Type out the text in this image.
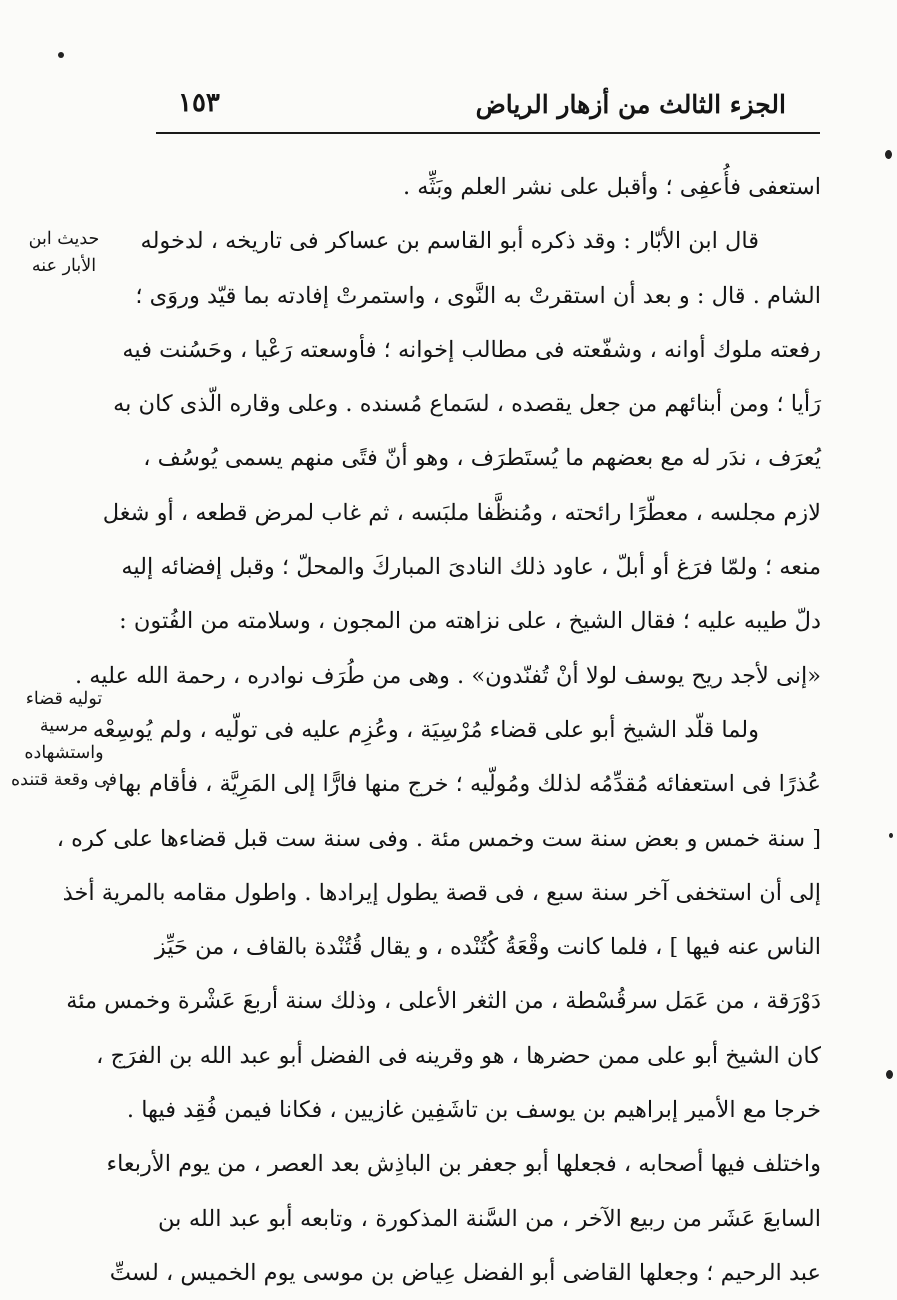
الجزء الثالث من أزهار الرياض
١٥٣
استعفى فأُعفِى ؛ وأقبل على نشر العلم وبَثِّه .
قال ابن الأبّار : وقد ذكره أبو القاسم بن عساكر فى تاريخه ، لدخوله
الشام . قال : و بعد أن استقرتْ به النَّوى ، واستمرتْ إفادته بما قيّد وروَى ؛
رفعته ملوك أوانه ، وشفّعته فى مطالب إخوانه ؛ فأوسعته رَعْيا ، وحَسُنت فيه
رَأيا ؛ ومن أبنائهم من جعل يقصده ، لسَماع مُسنده . وعلى وقاره الّذى كان به
يُعرَف ، ندَر له مع بعضهم ما يُستَطرَف ، وهو أنّ فتًى منهم يسمى يُوسُف ،
لازم مجلسه ، معطّرًا رائحته ، ومُنظَّفا ملبَسه ، ثم غاب لمرض قطعه ، أو شغل
منعه ؛ ولمّا فرَغ أو أبلّ ، عاود ذلك النادىَ المباركَ والمحلّ ؛ وقبل إفضائه إليه
دلّ طيبه عليه ؛ فقال الشيخ ، على نزاهته من المجون ، وسلامته من الفُتون :
«إنى لأجد ريح يوسف لولا أنْ تُفنّدون» . وهى من طُرَف نوادره ، رحمة الله عليه .
ولما قلّد الشيخ أبو على قضاء مُرْسِيَة ، وعُزِم عليه فى تولّيه ، ولم يُوسِعْه
عُذرًا فى استعفائه مُقدِّمُه لذلك ومُولّيه ؛ خرج منها فارًّا إلى المَرِيَّة ، فأقام بها ،
[ سنة خمس و بعض سنة ست وخمس مئة . وفى سنة ست قبل قضاءها على كره ،
إلى أن استخفى آخر سنة سبع ، فى قصة يطول إيرادها . واطول مقامه بالمرية أخذ
الناس عنه فيها ] ، فلما كانت وقْعَةُ كُتُنْده ، و يقال قُتُنْدة بالقاف ، من حَيِّز
دَوْرَقة ، من عَمَل سرقُسْطة ، من الثغر الأعلى ، وذلك سنة أربعَ عَشْرة وخمس مئة
كان الشيخ أبو على ممن حضرها ، هو وقرينه فى الفضل أبو عبد الله بن الفرَج ،
خرجا مع الأمير إبراهيم بن يوسف بن تاشَفِين غازيين ، فكانا فيمن فُقِد فيها .
واختلف فيها أصحابه ، فجعلها أبو جعفر بن الباذِش بعد العصر ، من يوم الأربعاء
السابعَ عَشَر من ربيع الآخر ، من السَّنة المذكورة ، وتابعه أبو عبد الله بن
عبد الرحيم ؛ وجعلها القاضى أبو الفضل عِياض بن موسى يوم الخميس ، لستِّ
حديث ابن
الأبار عنه
توليه قضاء
مرسية
واستشهاده
فى وقعة قتنده
